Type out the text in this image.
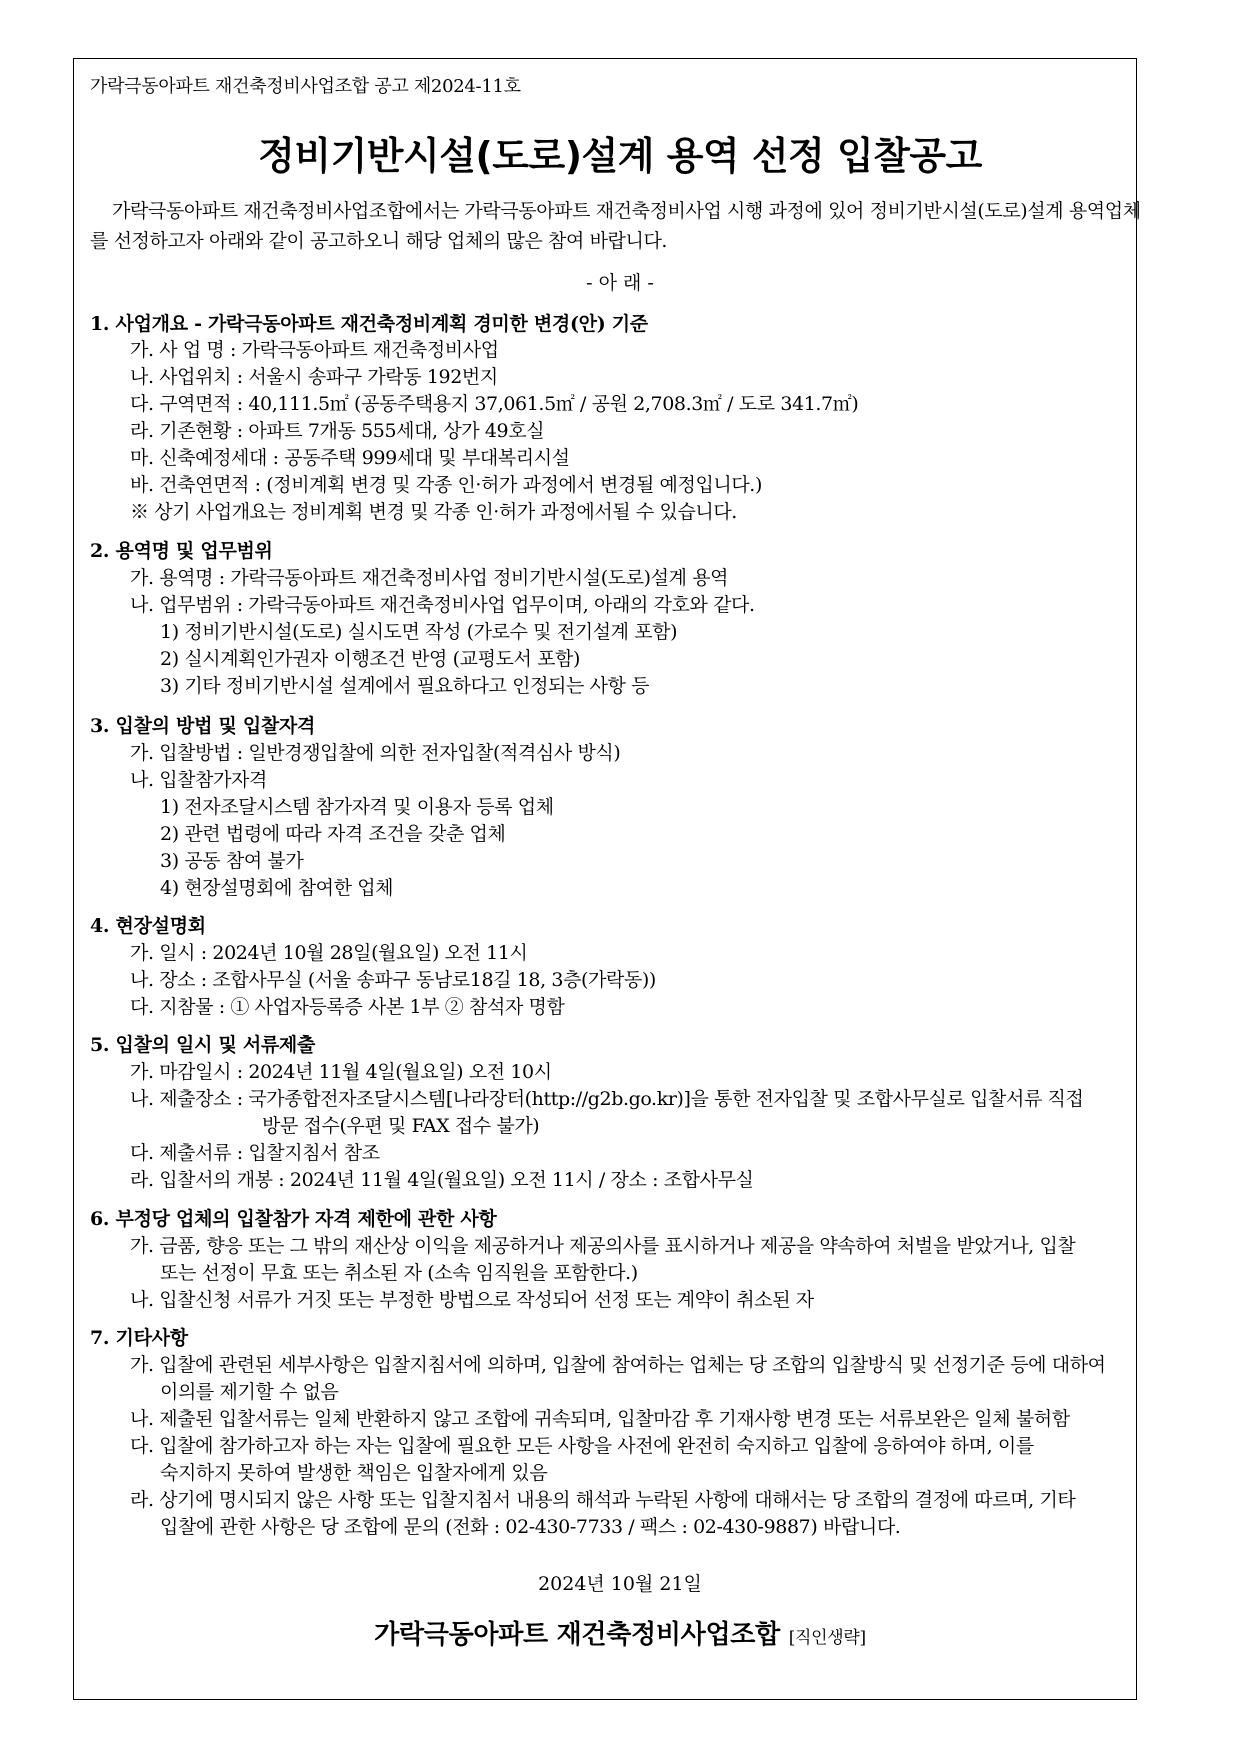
가락극동아파트 재건축정비사업조합 공고 제2024-11호
정비기반시설(도로)설계 용역 선정 입찰공고
가락극동아파트 재건축정비사업조합에서는 가락극동아파트 재건축정비사업 시행 과정에 있어 정비기반시설(도로)설계 용역업체를 선정하고자 아래와 같이 공고하오니 해당 업체의 많은 참여 바랍니다.
- 아 래 -
1. 사업개요 - 가락극동아파트 재건축정비계획 경미한 변경(안) 기준
가. 사 업 명 : 가락극동아파트 재건축정비사업
나. 사업위치 : 서울시 송파구 가락동 192번지
다. 구역면적 : 40,111.5㎡ (공동주택용지 37,061.5㎡ / 공원 2,708.3㎡ / 도로 341.7㎡)
라. 기존현황 : 아파트 7개동 555세대, 상가 49호실
마. 신축예정세대 : 공동주택 999세대 및 부대복리시설
바. 건축연면적 : (정비계획 변경 및 각종 인·허가 과정에서 변경될 예정입니다.)
※ 상기 사업개요는 정비계획 변경 및 각종 인·허가 과정에서될 수 있습니다.
2. 용역명 및 업무범위
가. 용역명 : 가락극동아파트 재건축정비사업 정비기반시설(도로)설계 용역
나. 업무범위 : 가락극동아파트 재건축정비사업 업무이며, 아래의 각호와 같다.
1) 정비기반시설(도로) 실시도면 작성 (가로수 및 전기설계 포함)
2) 실시계획인가권자 이행조건 반영 (교평도서 포함)
3) 기타 정비기반시설 설계에서 필요하다고 인정되는 사항 등
3. 입찰의 방법 및 입찰자격
가. 입찰방법 : 일반경쟁입찰에 의한 전자입찰(적격심사 방식)
나. 입찰참가자격
1) 전자조달시스템 참가자격 및 이용자 등록 업체
2) 관련 법령에 따라 자격 조건을 갖춘 업체
3) 공동 참여 불가
4) 현장설명회에 참여한 업체
4. 현장설명회
가. 일시 : 2024년 10월 28일(월요일) 오전 11시
나. 장소 : 조합사무실 (서울 송파구 동남로18길 18, 3층(가락동))
다. 지참물 : ① 사업자등록증 사본 1부 ② 참석자 명함
5. 입찰의 일시 및 서류제출
가. 마감일시 : 2024년 11월 4일(월요일) 오전 10시
나. 제출장소 : 국가종합전자조달시스템[나라장터(http://g2b.go.kr)]을 통한 전자입찰 및 조합사무실로 입찰서류 직접
방문 접수(우편 및 FAX 접수 불가)
다. 제출서류 : 입찰지침서 참조
라. 입찰서의 개봉 : 2024년 11월 4일(월요일) 오전 11시 / 장소 : 조합사무실
6. 부정당 업체의 입찰참가 자격 제한에 관한 사항
가. 금품, 향응 또는 그 밖의 재산상 이익을 제공하거나 제공의사를 표시하거나 제공을 약속하여 처벌을 받았거나, 입찰
또는 선정이 무효 또는 취소된 자 (소속 임직원을 포함한다.)
나. 입찰신청 서류가 거짓 또는 부정한 방법으로 작성되어 선정 또는 계약이 취소된 자
7. 기타사항
가. 입찰에 관련된 세부사항은 입찰지침서에 의하며, 입찰에 참여하는 업체는 당 조합의 입찰방식 및 선정기준 등에 대하여
이의를 제기할 수 없음
나. 제출된 입찰서류는 일체 반환하지 않고 조합에 귀속되며, 입찰마감 후 기재사항 변경 또는 서류보완은 일체 불허함
다. 입찰에 참가하고자 하는 자는 입찰에 필요한 모든 사항을 사전에 완전히 숙지하고 입찰에 응하여야 하며, 이를
숙지하지 못하여 발생한 책임은 입찰자에게 있음
라. 상기에 명시되지 않은 사항 또는 입찰지침서 내용의 해석과 누락된 사항에 대해서는 당 조합의 결정에 따르며, 기타
입찰에 관한 사항은 당 조합에 문의 (전화 : 02-430-7733 / 팩스 : 02-430-9887) 바랍니다.
2024년 10월 21일
가락극동아파트 재건축정비사업조합 [직인생략]
